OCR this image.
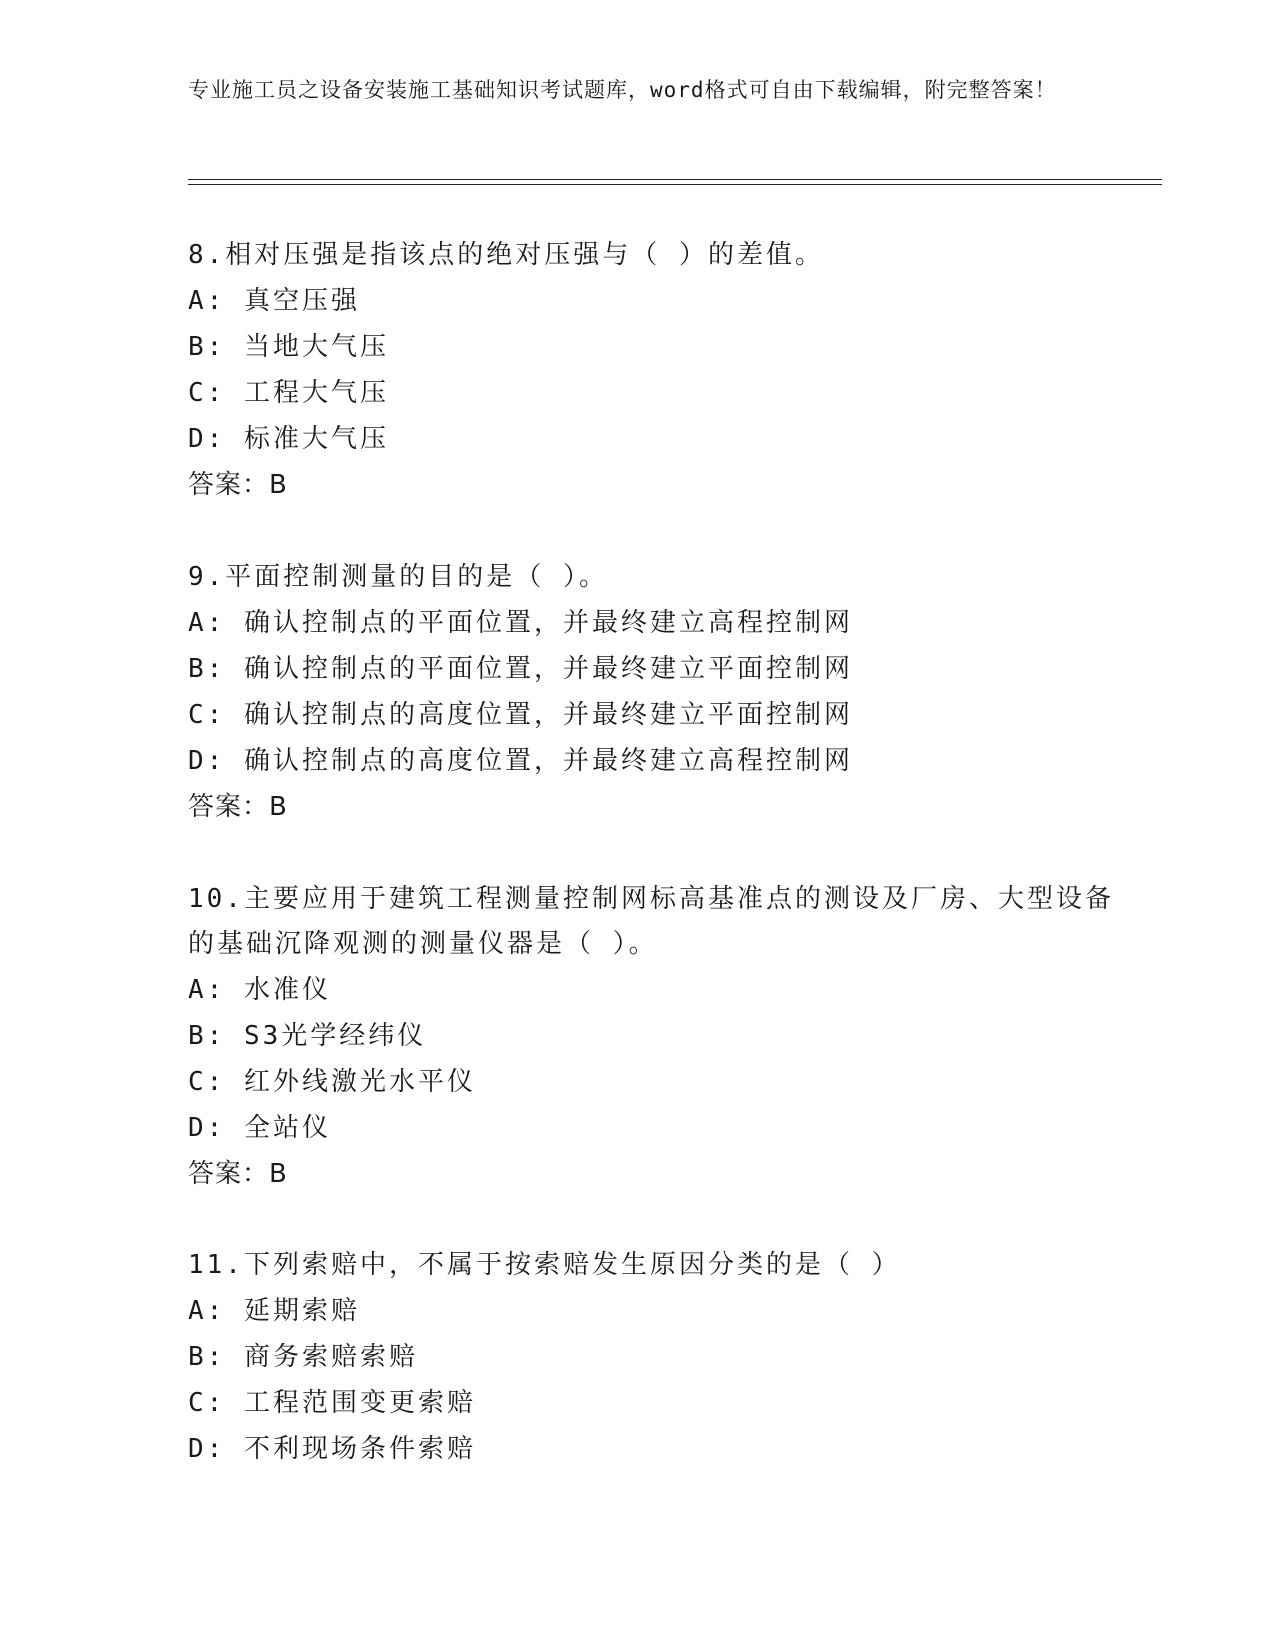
专业施工员之设备安装施工基础知识考试题库，word格式可自由下载编辑，附完整答案！
8.相对压强是指该点的绝对压强与（ ）的差值。
A: 真空压强
B: 当地大气压
C: 工程大气压
D: 标准大气压
答案：B
9.平面控制测量的目的是（ ）。
A: 确认控制点的平面位置，并最终建立高程控制网
B: 确认控制点的平面位置，并最终建立平面控制网
C: 确认控制点的高度位置，并最终建立平面控制网
D: 确认控制点的高度位置，并最终建立高程控制网
答案：B
10.主要应用于建筑工程测量控制网标高基准点的测设及厂房、大型设备的基础沉降观测的测量仪器是（ ）。
A: 水准仪
B: S3光学经纬仪
C: 红外线激光水平仪
D: 全站仪
答案：B
11.下列索赔中，不属于按索赔发生原因分类的是（ ）
A: 延期索赔
B: 商务索赔索赔
C: 工程范围变更索赔
D: 不利现场条件索赔
